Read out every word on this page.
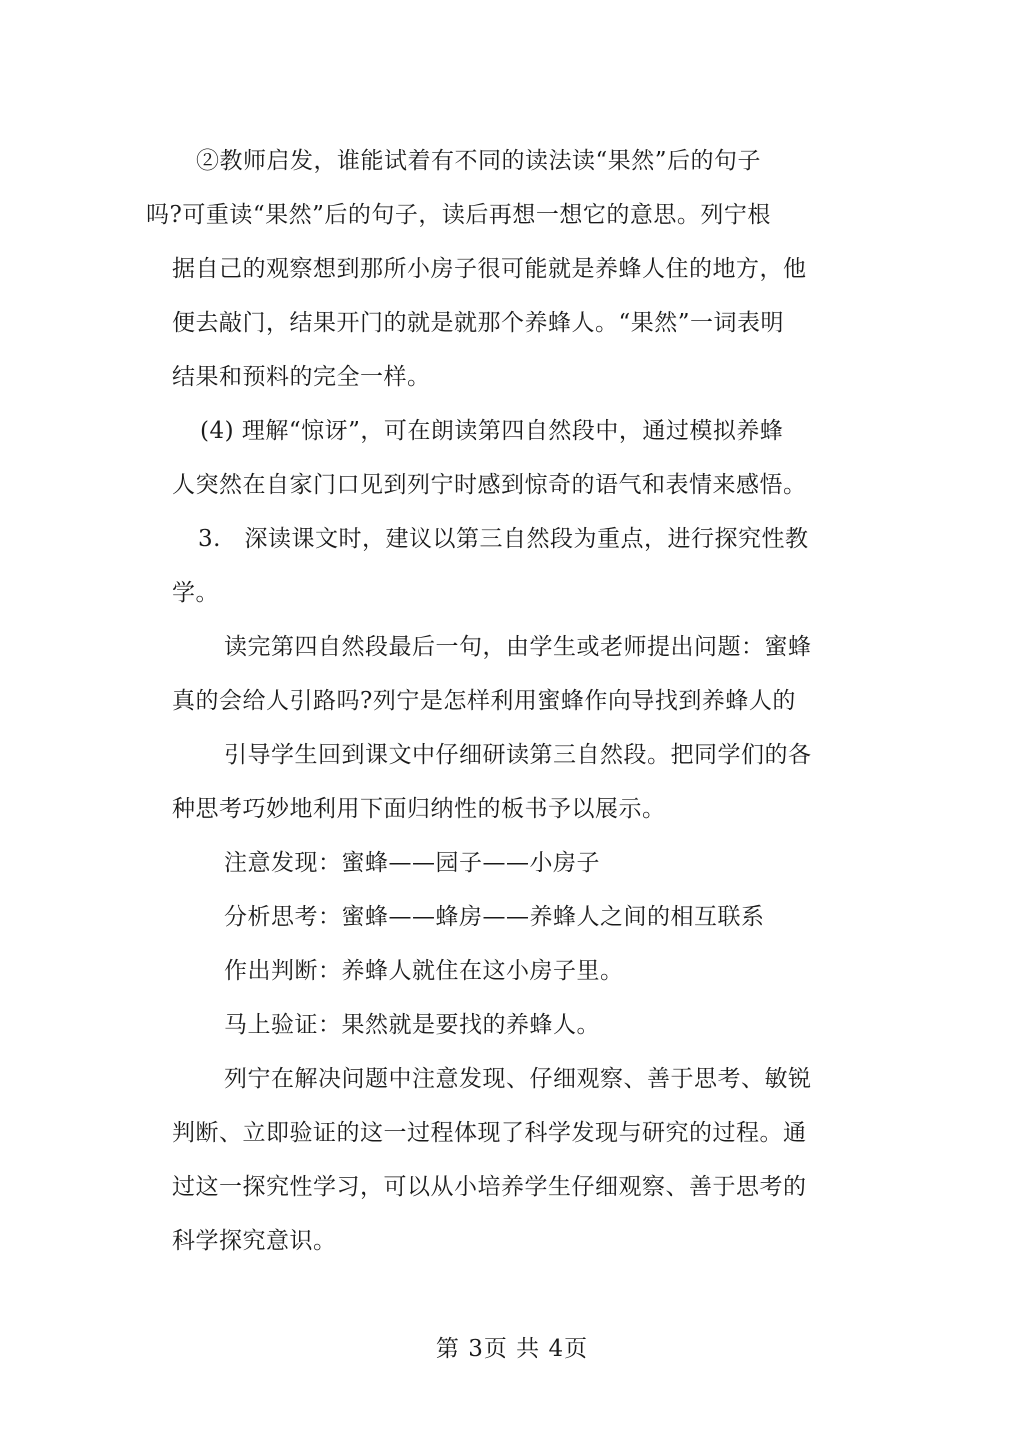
②教师启发，谁能试着有不同的读法读“果然”后的句子
吗?可重读“果然”后的句子，读后再想一想它的意思。列宁根
据自己的观察想到那所小房子很可能就是养蜂人住的地方，他
便去敲门，结果开门的就是就那个养蜂人。“果然”一词表明
结果和预料的完全一样。
(4) 理解“惊讶”，可在朗读第四自然段中，通过模拟养蜂
人突然在自家门口见到列宁时感到惊奇的语气和表情来感悟。
3.　深读课文时，建议以第三自然段为重点，进行探究性教
学。
读完第四自然段最后一句，由学生或老师提出问题：蜜蜂
真的会给人引路吗?列宁是怎样利用蜜蜂作向导找到养蜂人的
引导学生回到课文中仔细研读第三自然段。把同学们的各
种思考巧妙地利用下面归纳性的板书予以展示。
注意发现：蜜蜂——园子——小房子
分析思考：蜜蜂——蜂房——养蜂人之间的相互联系
作出判断：养蜂人就住在这小房子里。
马上验证：果然就是要找的养蜂人。
列宁在解决问题中注意发现、仔细观察、善于思考、敏锐
判断、立即验证的这一过程体现了科学发现与研究的过程。通
过这一探究性学习，可以从小培养学生仔细观察、善于思考的
科学探究意识。
第 3页 共 4页
